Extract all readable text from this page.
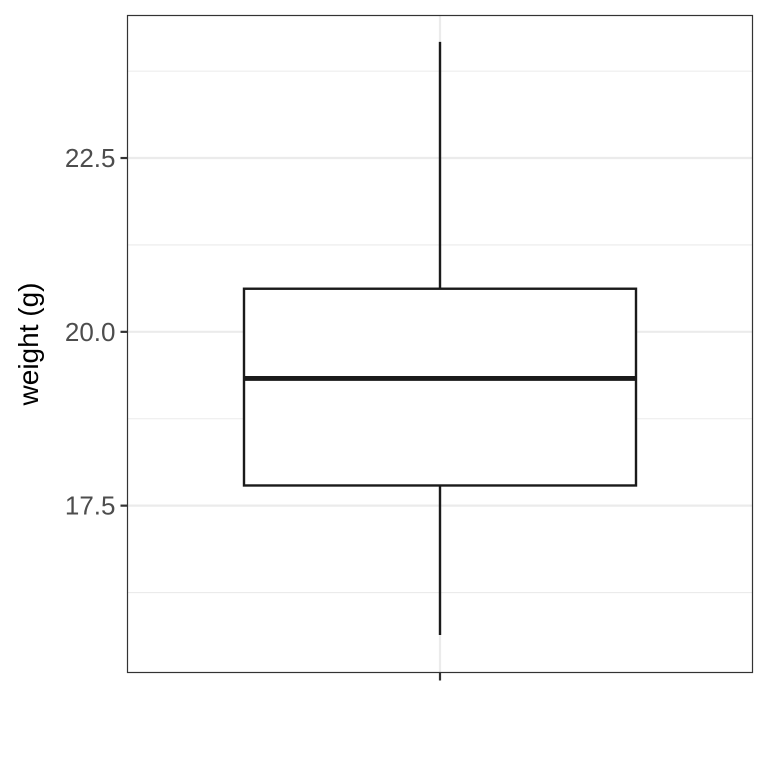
17.5
20.0
22.5
weight (g)
